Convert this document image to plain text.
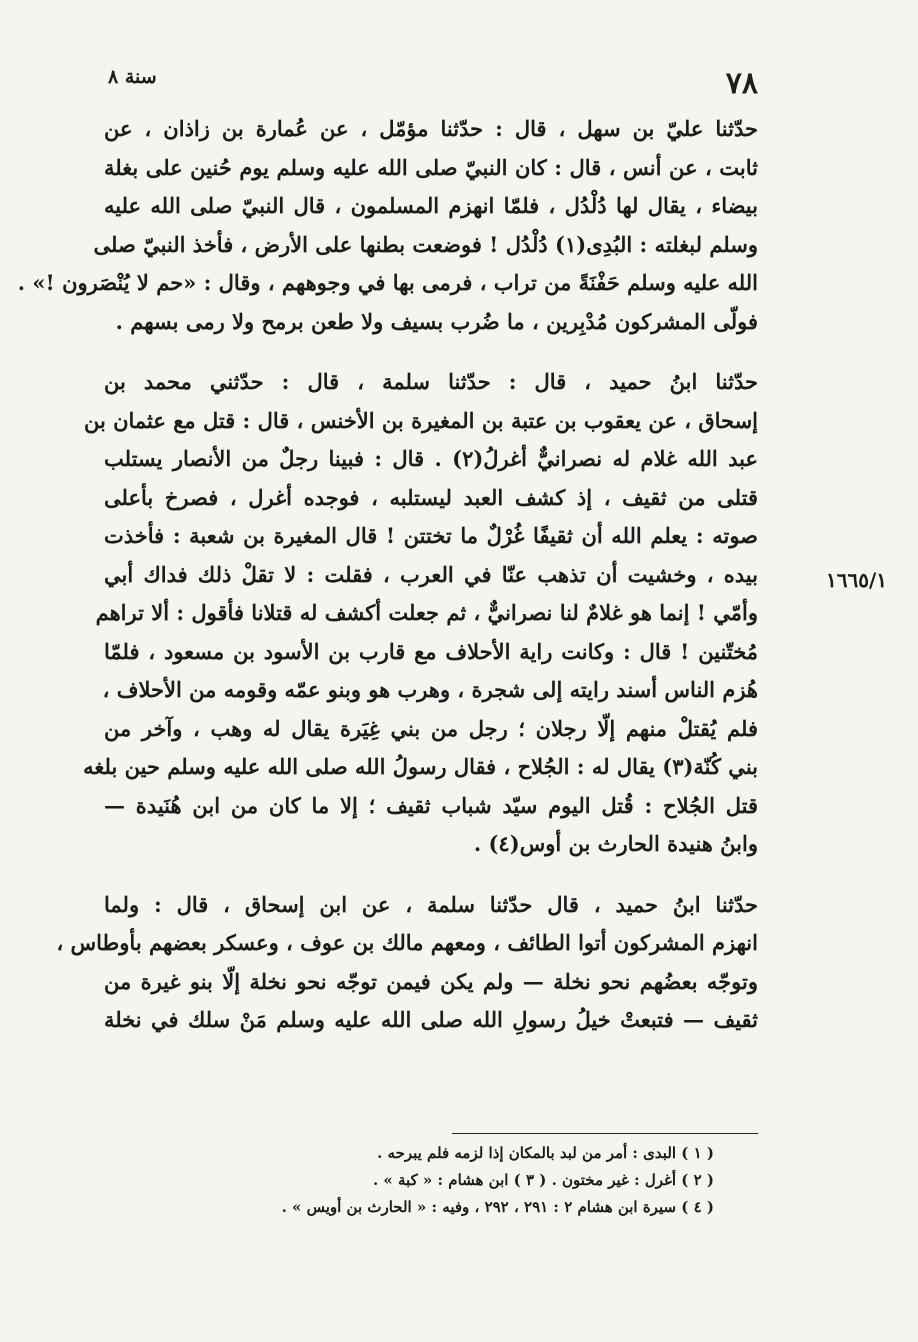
٧٨
سنة ٨
١٦٦٥/١
حدّثنا عليّ بن سهل ، قال : حدّثنا مؤمّل ، عن عُمارة بن زاذان ، عن
ثابت ، عن أنس ، قال : كان النبيّ صلى الله عليه وسلم يوم حُنين على بغلة
بيضاء ، يقال لها دُلْدُل ، فلمّا انهزم المسلمون ، قال النبيّ صلى الله عليه
وسلم لبغلته : البُدِى(١) دُلْدُل ! فوضعت بطنها على الأرض ، فأخذ النبيّ صلى
الله عليه وسلم حَفْنَةً من تراب ، فرمى بها في وجوههم ، وقال : «حم لا يُنْصَرون !» .
فولّى المشركون مُدْبِرين ، ما ضُرب بسيف ولا طعن برمح ولا رمى بسهم .
حدّثنا ابنُ حميد ، قال : حدّثنا سلمة ، قال : حدّثني محمد بن
إسحاق ، عن يعقوب بن عتبة بن المغيرة بن الأخنس ، قال : قتل مع عثمان بن
عبد الله غلام له نصرانيٌّ أغرلُ(٢) . قال : فبينا رجلٌ من الأنصار يستلب
قتلى من ثقيف ، إذ كشف العبد ليستلبه ، فوجده أغرل ، فصرخ بأعلى
صوته : يعلم الله أن ثقيفًا غُرْلٌ ما تختتن ! قال المغيرة بن شعبة : فأخذت
بيده ، وخشيت أن تذهب عنّا في العرب ، فقلت : لا تقلْ ذلك فداك أبي
وأمّي ! إنما هو غلامٌ لنا نصرانيٌّ ، ثم جعلت أكشف له قتلانا فأقول : ألا تراهم
مُختّنين ! قال : وكانت راية الأحلاف مع قارب بن الأسود بن مسعود ، فلمّا
هُزم الناس أسند رايته إلى شجرة ، وهرب هو وبنو عمّه وقومه من الأحلاف ،
فلم يُقتلْ منهم إلّا رجلان ؛ رجل من بني غِيَرة يقال له وهب ، وآخر من
بني كُنّة(٣) يقال له : الجُلاح ، فقال رسولُ الله صلى الله عليه وسلم حين بلغه
قتل الجُلاح : قُتل اليوم سيّد شباب ثقيف ؛ إلا ما كان من ابن هُنَيدة —
وابنُ هنيدة الحارث بن أوس(٤) .
حدّثنا ابنُ حميد ، قال حدّثنا سلمة ، عن ابن إسحاق ، قال : ولما
انهزم المشركون أتوا الطائف ، ومعهم مالك بن عوف ، وعسكر بعضهم بأوطاس ،
وتوجّه بعضُهم نحو نخلة — ولم يكن فيمن توجّه نحو نخلة إلّا بنو غيرة من
ثقيف — فتبعتْ خيلُ رسولِ الله صلى الله عليه وسلم مَنْ سلك في نخلة
( ١ ) البدى : أمر من لبد بالمكان إذا لزمه فلم يبرحه .
( ٢ ) أغرل : غير مختون . ( ٣ ) ابن هشام : « كبة » .
( ٤ ) سيرة ابن هشام ٢ : ٢٩١ ، ٢٩٢ ، وفيه : « الحارث بن أويس » .
